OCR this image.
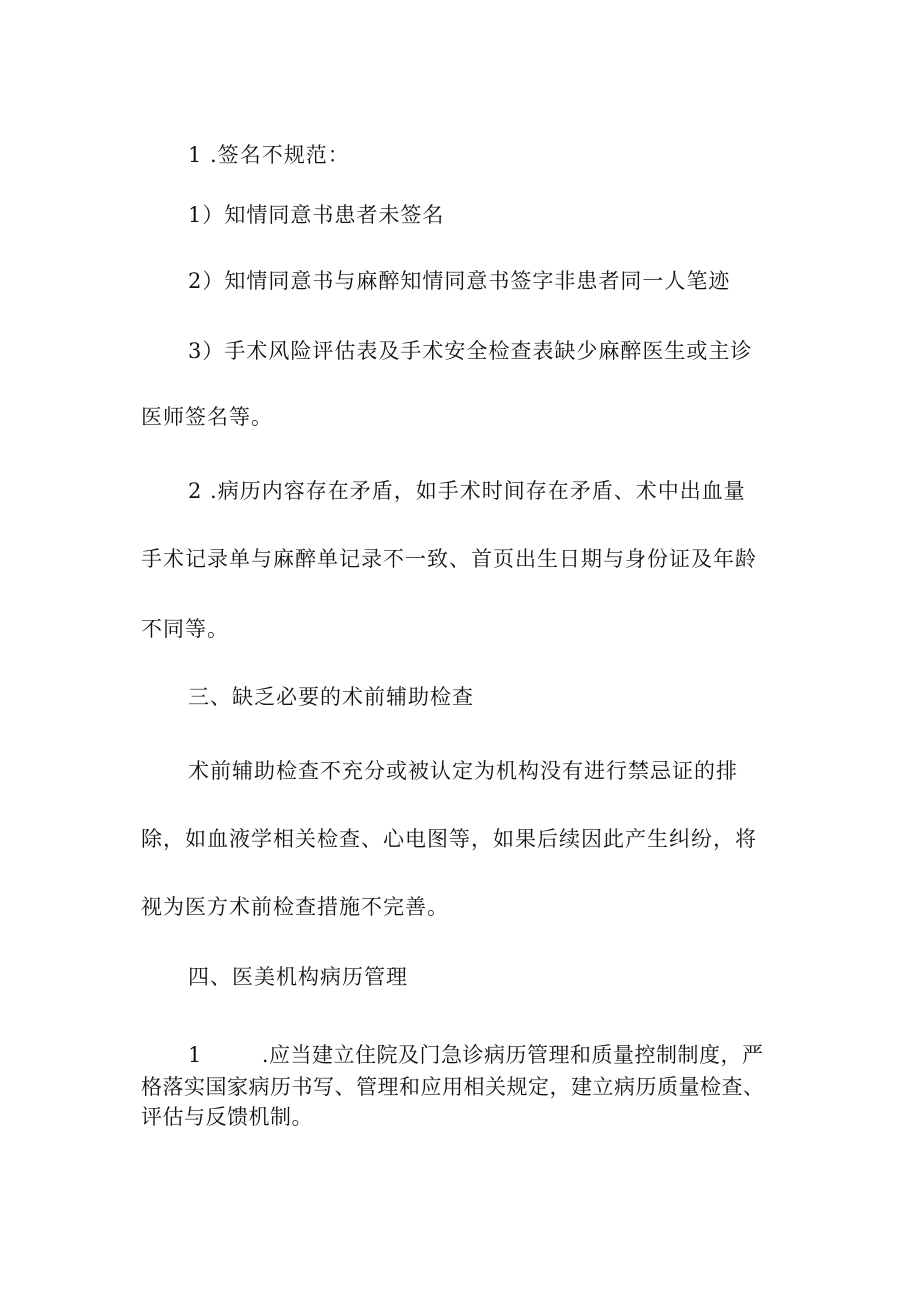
1 .签名不规范：
1）知情同意书患者未签名
2）知情同意书与麻醉知情同意书签字非患者同一人笔迹
3）手术风险评估表及手术安全检查表缺少麻醉医生或主诊
医师签名等。
2 .病历内容存在矛盾，如手术时间存在矛盾、术中出血量
手术记录单与麻醉单记录不一致、首页出生日期与身份证及年龄
不同等。
三、缺乏必要的术前辅助检查
术前辅助检查不充分或被认定为机构没有进行禁忌证的排
除，如血液学相关检查、心电图等，如果后续因此产生纠纷，将
视为医方术前检查措施不完善。
四、医美机构病历管理
1	.应当建立住院及门急诊病历管理和质量控制制度，严
格落实国家病历书写、管理和应用相关规定，建立病历质量检查、
评估与反馈机制。
